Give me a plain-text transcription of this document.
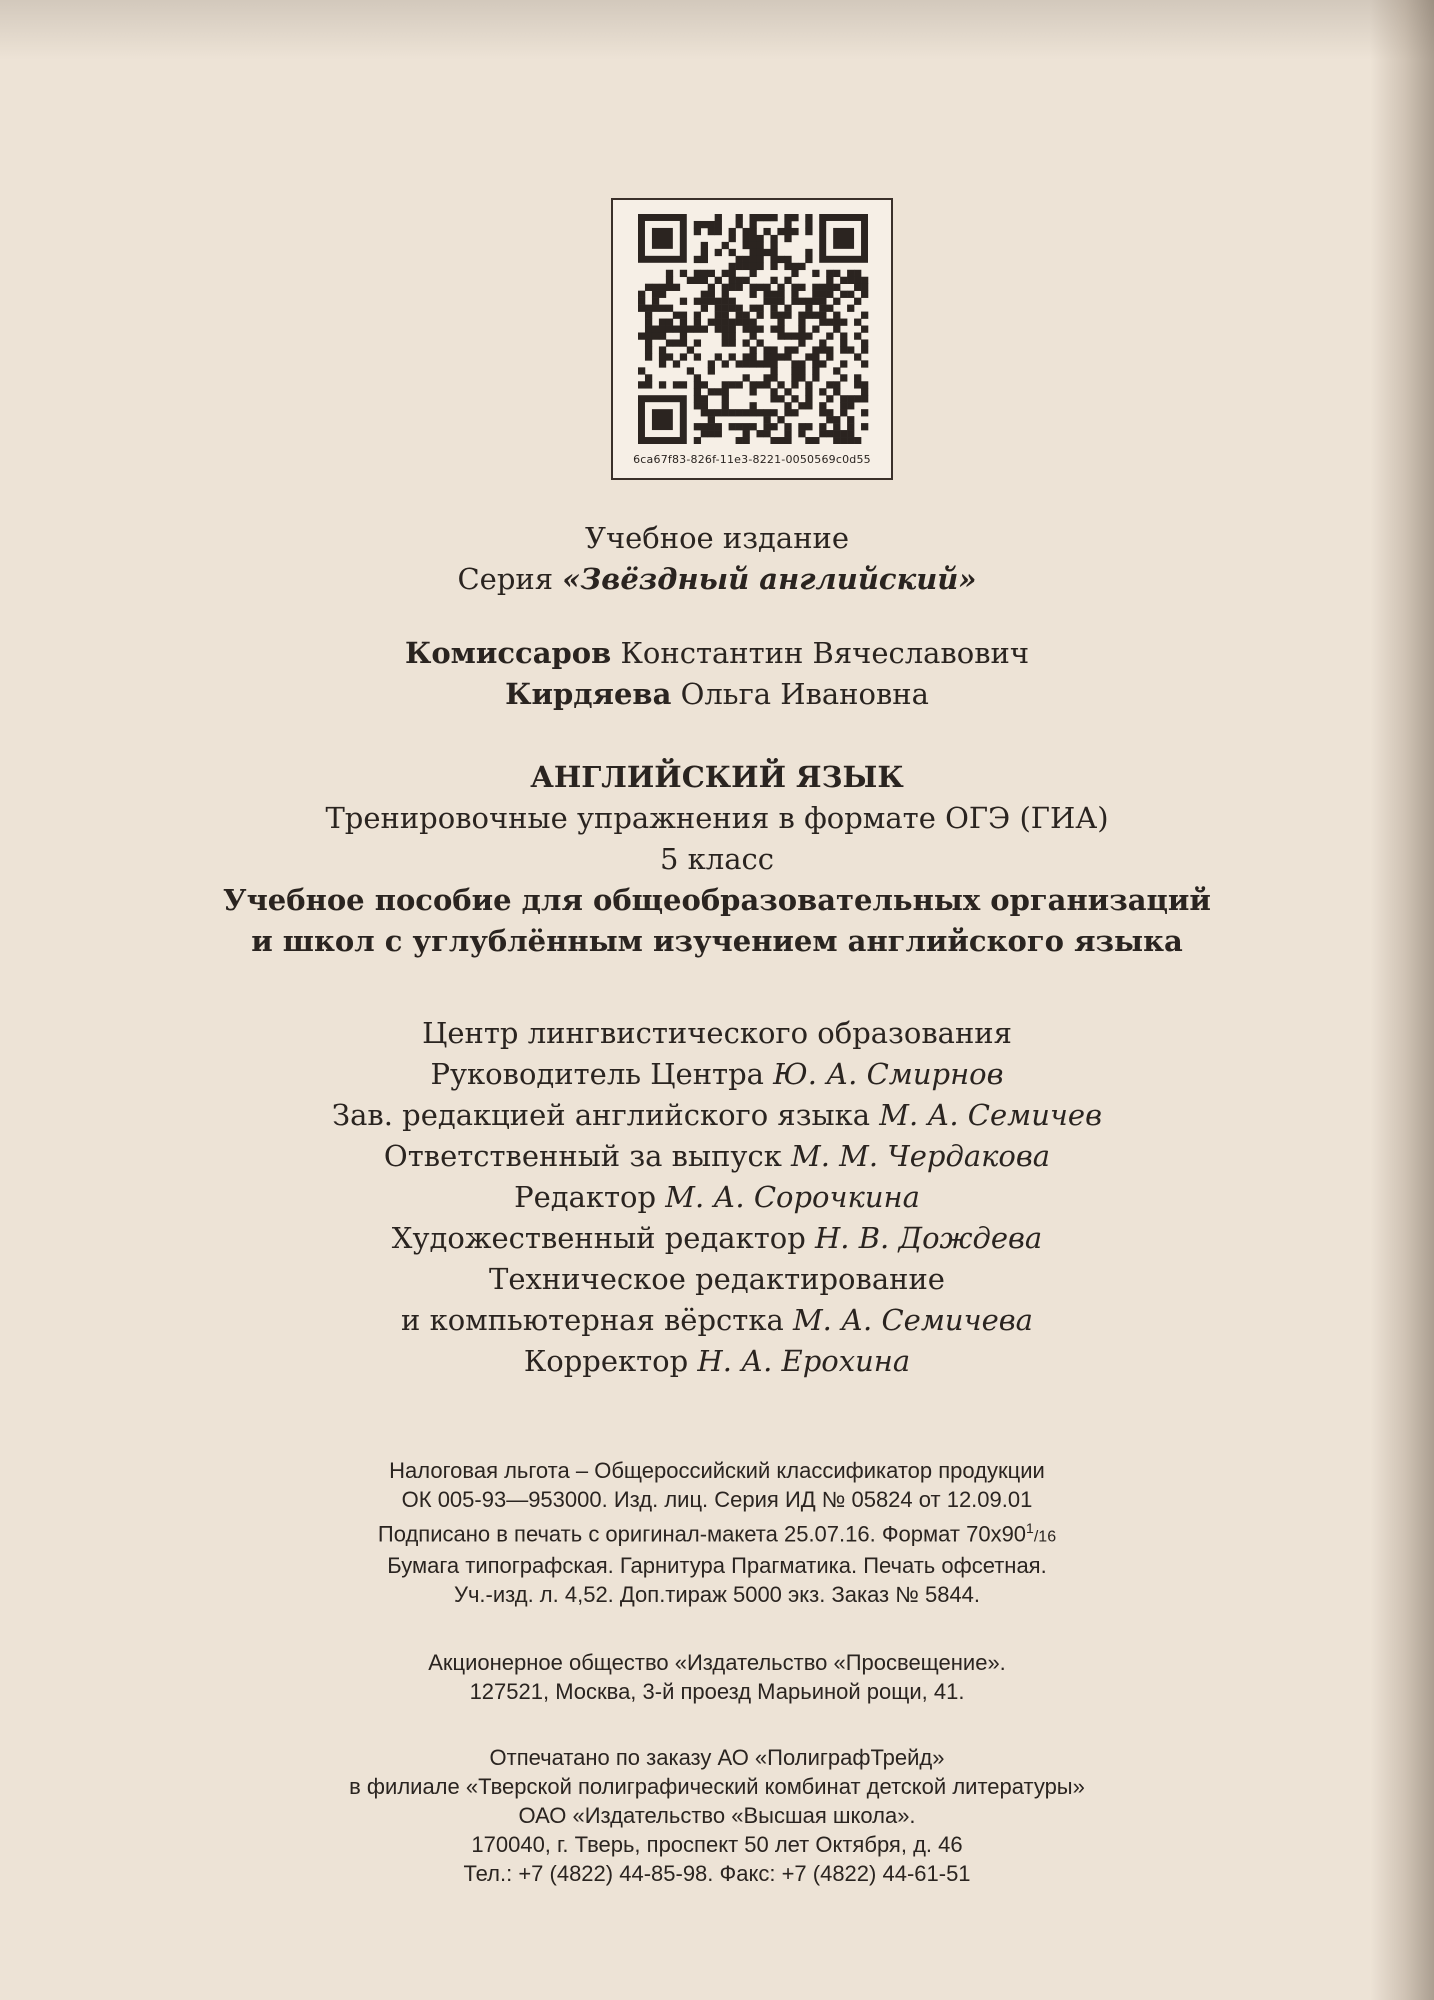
6ca67f83-826f-11e3-8221-0050569c0d55
Учебное издание
Серия «Звёздный английский»
Комиссаров Константин Вячеславович
Кирдяева Ольга Ивановна
АНГЛИЙСКИЙ ЯЗЫК
Тренировочные упражнения в формате ОГЭ (ГИА)
5 класс
Учебное пособие для общеобразовательных организаций
и школ с углублённым изучением английского языка
Центр лингвистического образования
Руководитель Центра Ю. А. Смирнов
Зав. редакцией английского языка М. А. Семичев
Ответственный за выпуск М. М. Чердакова
Редактор М. А. Сорочкина
Художественный редактор Н. В. Дождева
Техническое редактирование
и компьютерная вёрстка М. А. Семичева
Корректор Н. А. Ерохина
Налоговая льгота – Общероссийский классификатор продукции
ОК 005-93—953000. Изд. лиц. Серия ИД № 05824 от 12.09.01
Подписано в печать с оригинал-макета 25.07.16. Формат $70х90^1/16$
Бумага типографская. Гарнитура Прагматика. Печать офсетная.
Уч.-изд. л. 4,52. Доп.тираж 5000 экз. Заказ № 5844.
Акционерное общество «Издательство «Просвещение».
127521, Москва, 3-й проезд Марьиной рощи, 41.
Отпечатано по заказу АО «ПолиграфТрейд»
в филиале «Тверской полиграфический комбинат детской литературы»
ОАО «Издательство «Высшая школа».
170040, г. Тверь, проспект 50 лет Октября, д. 46
Тел.: +7 (4822) 44-85-98. Факс: +7 (4822) 44-61-51
